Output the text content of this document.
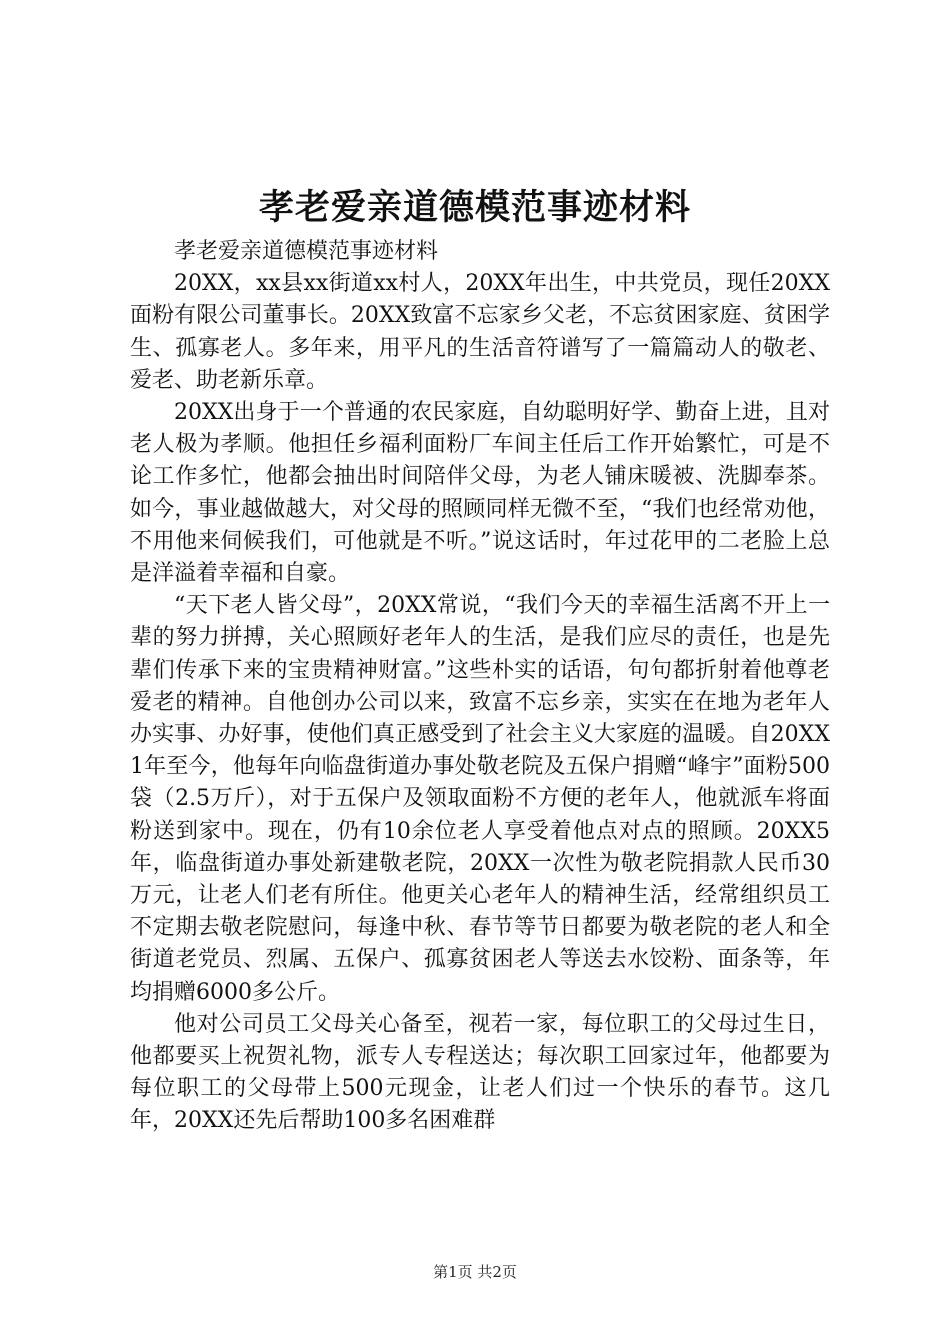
孝老爱亲道德模范事迹材料

孝老爱亲道德模范事迹材料

20XX，xx县xx街道xx村人，20XX年出生，中共党员，现任20XX面粉有限公司董事长。20XX致富不忘家乡父老，不忘贫困家庭、贫困学生、孤寡老人。多年来，用平凡的生活音符谱写了一篇篇动人的敬老、爱老、助老新乐章。

20XX出身于一个普通的农民家庭，自幼聪明好学、勤奋上进，且对老人极为孝顺。他担任乡福利面粉厂车间主任后工作开始繁忙，可是不论工作多忙，他都会抽出时间陪伴父母，为老人铺床暖被、洗脚奉茶。如今，事业越做越大，对父母的照顾同样无微不至，“我们也经常劝他，不用他来伺候我们，可他就是不听。”说这话时，年过花甲的二老脸上总是洋溢着幸福和自豪。

“天下老人皆父母”，20XX常说，“我们今天的幸福生活离不开上一辈的努力拼搏，关心照顾好老年人的生活，是我们应尽的责任，也是先辈们传承下来的宝贵精神财富。”这些朴实的话语，句句都折射着他尊老爱老的精神。自他创办公司以来，致富不忘乡亲，实实在在地为老年人办实事、办好事，使他们真正感受到了社会主义大家庭的温暖。自20XX1年至今，他每年向临盘街道办事处敬老院及五保户捐赠“峰宇”面粉500袋（2.5万斤），对于五保户及领取面粉不方便的老年人，他就派车将面粉送到家中。现在，仍有10余位老人享受着他点对点的照顾。20XX5年，临盘街道办事处新建敬老院，20XX一次性为敬老院捐款人民币30万元，让老人们老有所住。他更关心老年人的精神生活，经常组织员工不定期去敬老院慰问，每逢中秋、春节等节日都要为敬老院的老人和全街道老党员、烈属、五保户、孤寡贫困老人等送去水饺粉、面条等，年均捐赠6000多公斤。

他对公司员工父母关心备至，视若一家，每位职工的父母过生日，他都要买上祝贺礼物，派专人专程送达；每次职工回家过年，他都要为每位职工的父母带上500元现金，让老人们过一个快乐的春节。这几年，20XX还先后帮助100多名困难群

第1页 共2页
